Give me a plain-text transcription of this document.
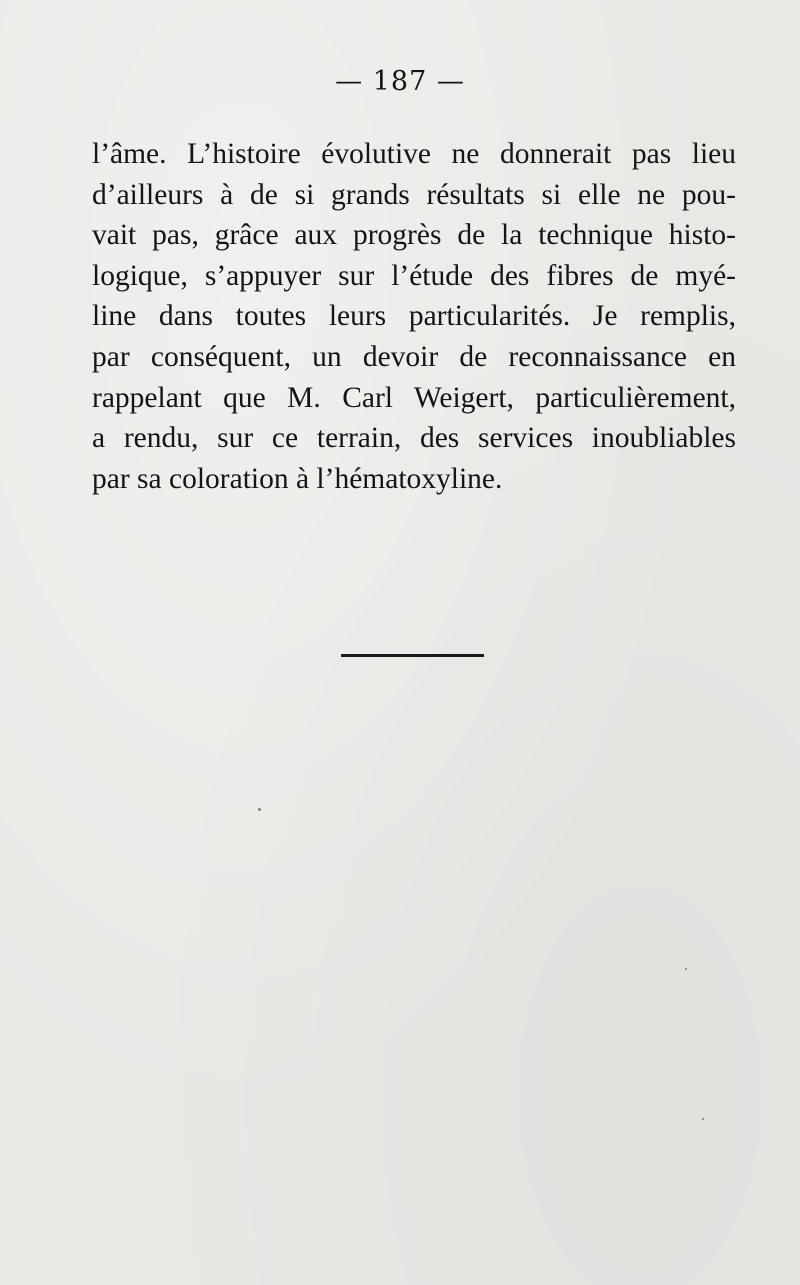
— 187 —
l’âme. L’histoire évolutive ne donnerait pas lieu
d’ailleurs à de si grands résultats si elle ne pou-
vait pas, grâce aux progrès de la technique histo-
logique, s’appuyer sur l’étude des fibres de myé-
line dans toutes leurs particularités. Je remplis,
par conséquent, un devoir de reconnaissance en
rappelant que M. Carl Weigert, particulièrement,
a rendu, sur ce terrain, des services inoubliables
par sa coloration à l’hématoxyline.
